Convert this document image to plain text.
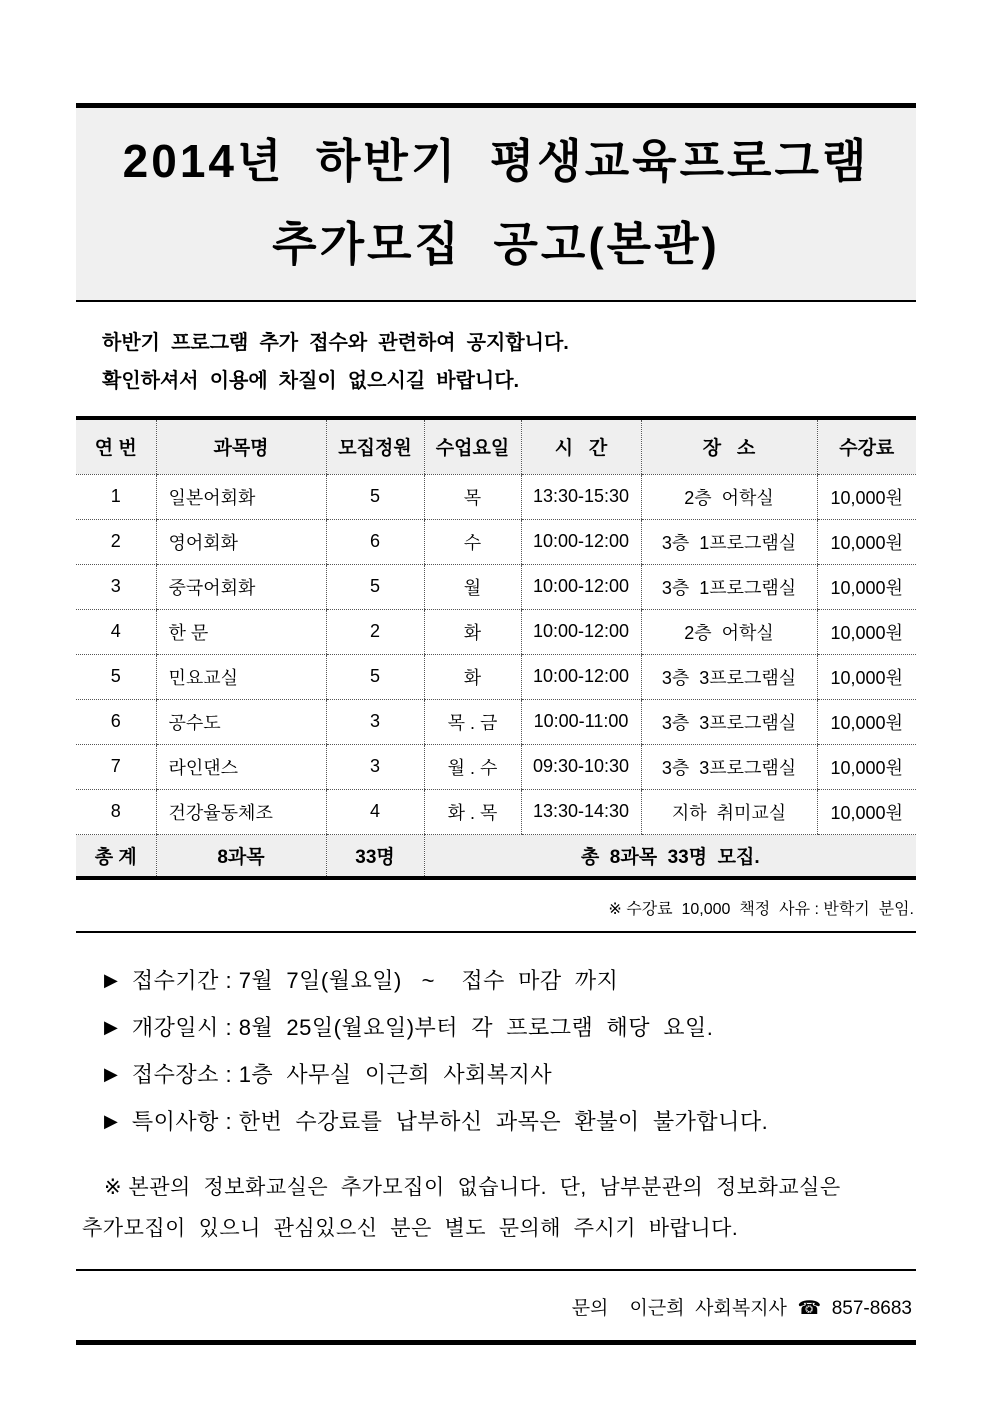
2014년  하반기  평생교육프로그램
추가모집  공고(본관)
하반기  프로그램  추가  접수와  관련하여  공지합니다.
확인하셔서  이용에  차질이  없으시길  바랍니다.
연 번	과목명	모집정원	수업요일	시   간	장   소	수강료
1	일본어회화	5	목	13:30-15:30	2층  어학실	10,000원
2	영어회화	6	수	10:00-12:00	3층  1프로그램실	10,000원
3	중국어회화	5	월	10:00-12:00	3층  1프로그램실	10,000원
4	한 문	2	화	10:00-12:00	2층  어학실	10,000원
5	민요교실	5	화	10:00-12:00	3층  3프로그램실	10,000원
6	공수도	3	목 . 금	10:00-11:00	3층  3프로그램실	10,000원
7	라인댄스	3	월 . 수	09:30-10:30	3층  3프로그램실	10,000원
8	건강율동체조	4	화 . 목	13:30-14:30	지하  취미교실	10,000원
총 계	8과목	33명	총  8과목  33명  모집.			
※ 수강료  10,000  책정  사유 : 반학기  분임.
▶ 접수기간 : 7월  7일(월요일)   ~    접수  마감  까지
▶ 개강일시 : 8월  25일(월요일)부터  각  프로그램  해당  요일.
▶ 접수장소 : 1층  사무실  이근희  사회복지사
▶ 특이사항 : 한번  수강료를  납부하신  과목은  환불이  불가합니다.
※ 본관의  정보화교실은  추가모집이  없습니다.  단,  남부분관의  정보화교실은
추가모집이  있으니  관심있으신  분은  별도  문의해  주시기  바랍니다.
문의    이근희  사회복지사  ☎  857-8683
